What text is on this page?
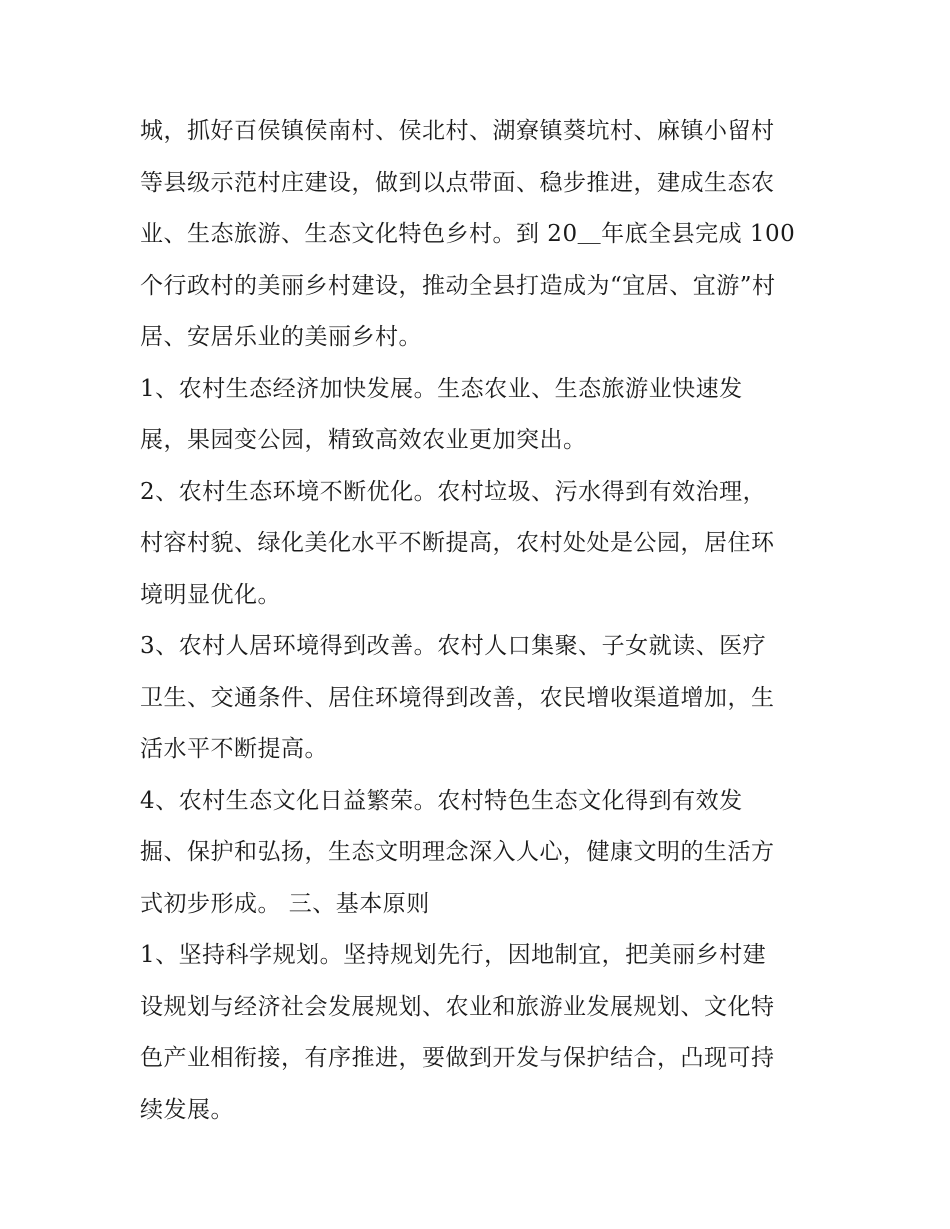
城，抓好百侯镇侯南村、侯北村、湖寮镇葵坑村、麻镇小留村
等县级示范村庄建设，做到以点带面、稳步推进，建成生态农
业、生态旅游、生态文化特色乡村。到 20＿年底全县完成 100
个行政村的美丽乡村建设，推动全县打造成为“宜居、宜游”村
居、安居乐业的美丽乡村。
1、农村生态经济加快发展。生态农业、生态旅游业快速发
展，果园变公园，精致高效农业更加突出。
2、农村生态环境不断优化。农村垃圾、污水得到有效治理，
村容村貌、绿化美化水平不断提高，农村处处是公园，居住环
境明显优化。
3、农村人居环境得到改善。农村人口集聚、子女就读、医疗
卫生、交通条件、居住环境得到改善，农民增收渠道增加，生
活水平不断提高。
4、农村生态文化日益繁荣。农村特色生态文化得到有效发
掘、保护和弘扬，生态文明理念深入人心，健康文明的生活方
式初步形成。 三、基本原则
1、坚持科学规划。坚持规划先行，因地制宜，把美丽乡村建
设规划与经济社会发展规划、农业和旅游业发展规划、文化特
色产业相衔接，有序推进，要做到开发与保护结合，凸现可持
续发展。
